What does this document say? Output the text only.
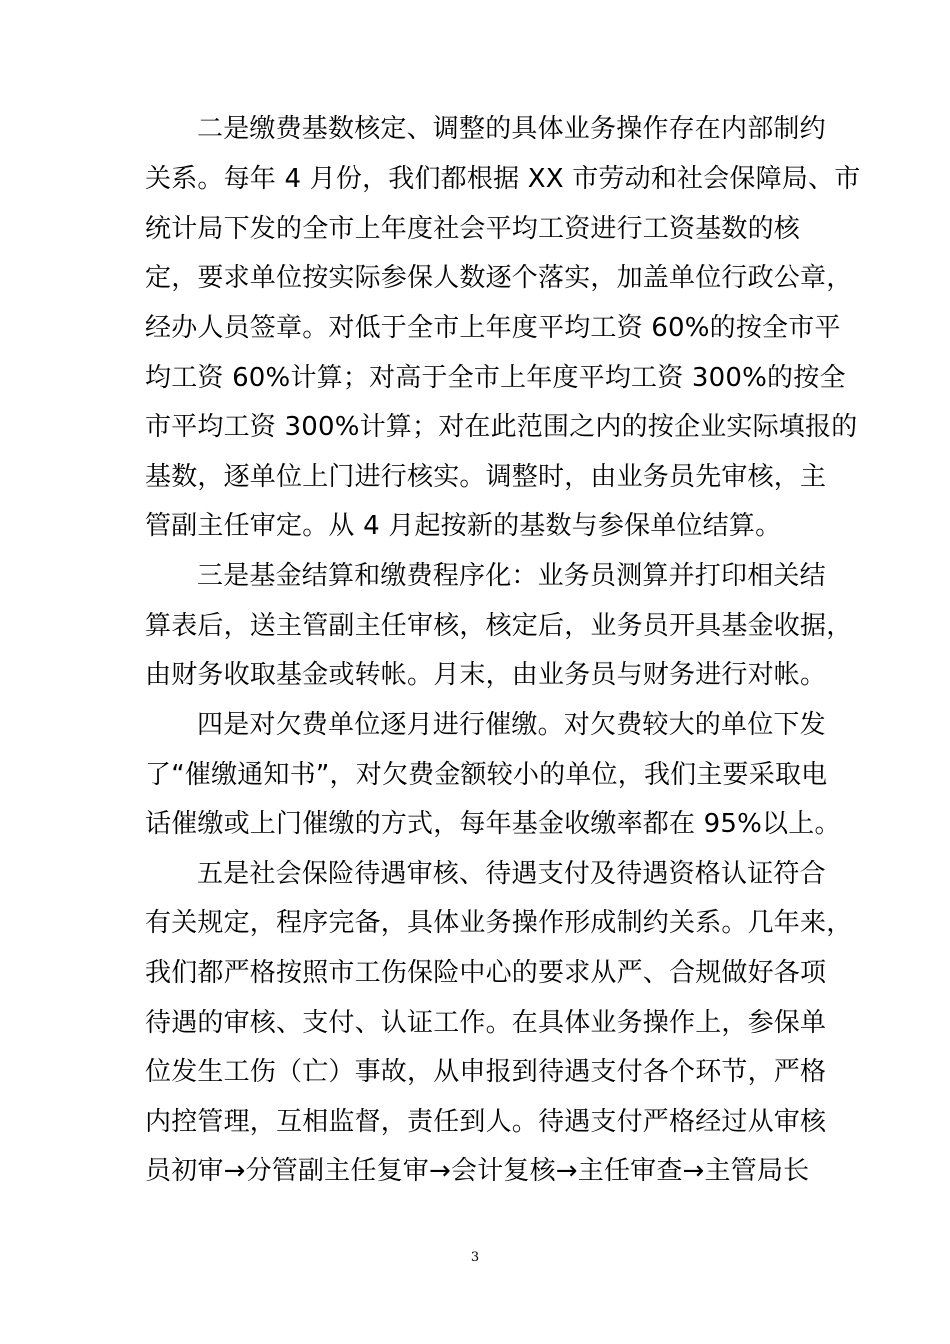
二是缴费基数核定、调整的具体业务操作存在内部制约
关系。每年 4 月份，我们都根据 XX 市劳动和社会保障局、市
统计局下发的全市上年度社会平均工资进行工资基数的核
定，要求单位按实际参保人数逐个落实，加盖单位行政公章，
经办人员签章。对低于全市上年度平均工资 60%的按全市平
均工资 60%计算；对高于全市上年度平均工资 300%的按全
市平均工资 300%计算；对在此范围之内的按企业实际填报的
基数，逐单位上门进行核实。调整时，由业务员先审核，主
管副主任审定。从 4 月起按新的基数与参保单位结算。
三是基金结算和缴费程序化：业务员测算并打印相关结
算表后，送主管副主任审核，核定后，业务员开具基金收据，
由财务收取基金或转帐。月末，由业务员与财务进行对帐。
四是对欠费单位逐月进行催缴。对欠费较大的单位下发
了“催缴通知书”，对欠费金额较小的单位，我们主要采取电
话催缴或上门催缴的方式，每年基金收缴率都在 95%以上。
五是社会保险待遇审核、待遇支付及待遇资格认证符合
有关规定，程序完备，具体业务操作形成制约关系。几年来，
我们都严格按照市工伤保险中心的要求从严、合规做好各项
待遇的审核、支付、认证工作。在具体业务操作上，参保单
位发生工伤（亡）事故，从申报到待遇支付各个环节，严格
内控管理，互相监督，责任到人。待遇支付严格经过从审核
员初审→分管副主任复审→会计复核→主任审查→主管局长
3
